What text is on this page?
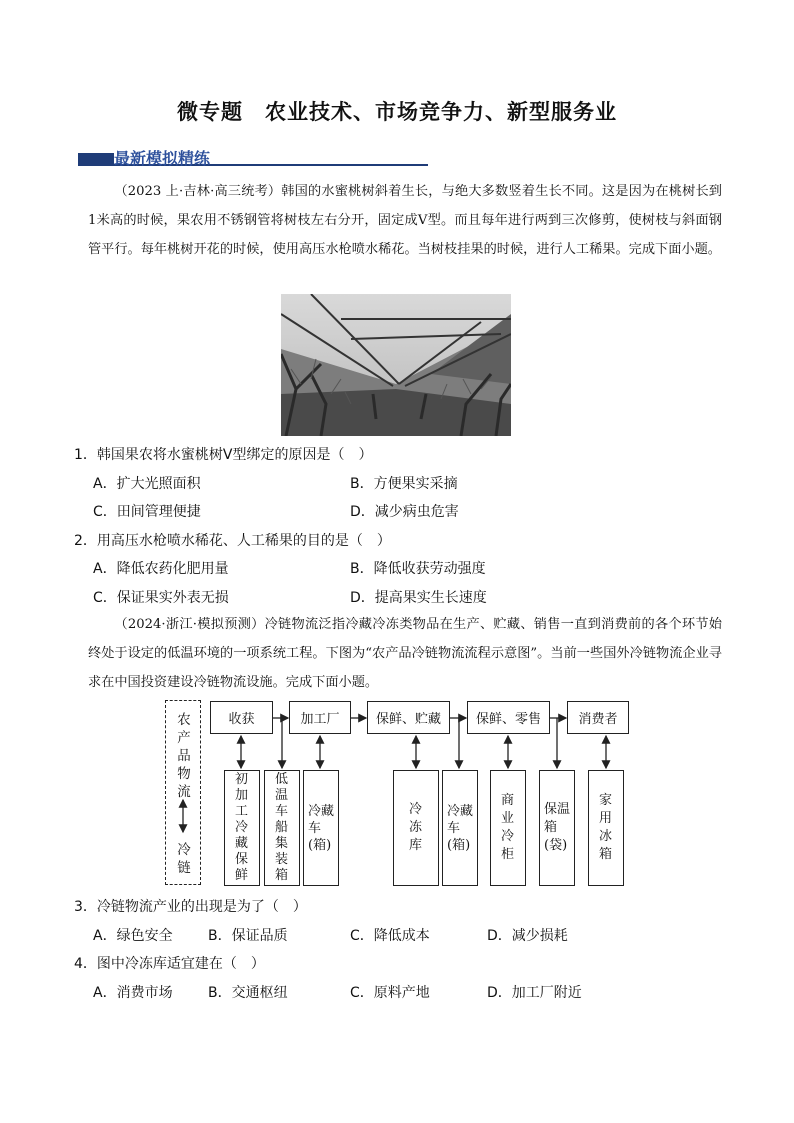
微专题　农业技术、市场竞争力、新型服务业
最新模拟精练
（2023 上·吉林·高三统考）韩国的水蜜桃树斜着生长，与绝大多数竖着生长不同。这是因为在桃树长到1米高的时候，果农用不锈钢管将树枝左右分开，固定成V型。而且每年进行两到三次修剪，使树枝与斜面钢管平行。每年桃树开花的时候，使用高压水枪喷水稀花。当树枝挂果的时候，进行人工稀果。完成下面小题。
1．韩国果农将水蜜桃树V型绑定的原因是（　）
A．扩大光照面积	B．方便果实采摘
C．田间管理便捷	D．减少病虫危害
2．用高压水枪喷水稀花、人工稀果的目的是（　）
A．降低农药化肥用量	B．降低收获劳动强度
C．保证果实外表无损	D．提高果实生长速度
（2024·浙江·模拟预测）冷链物流泛指冷藏冷冻类物品在生产、贮藏、销售一直到消费前的各个环节始终处于设定的低温环境的一项系统工程。下图为“农产品冷链物流流程示意图”。当前一些国外冷链物流企业寻求在中国投资建设冷链物流设施。完成下面小题。
农产品物流
冷链
收获	加工厂	保鲜、贮藏	保鲜、零售	消费者
初加工冷藏保鲜
低温车船集装箱
冷藏车(箱)
冷冻库
冷藏车(箱)
商业冷柜
保温箱(袋)
家用冰箱
3．冷链物流产业的出现是为了（　）
A．绿色安全	B．保证品质	C．降低成本	D．减少损耗
4．图中冷冻库适宜建在（　）
A．消费市场	B．交通枢纽	C．原料产地	D．加工厂附近
